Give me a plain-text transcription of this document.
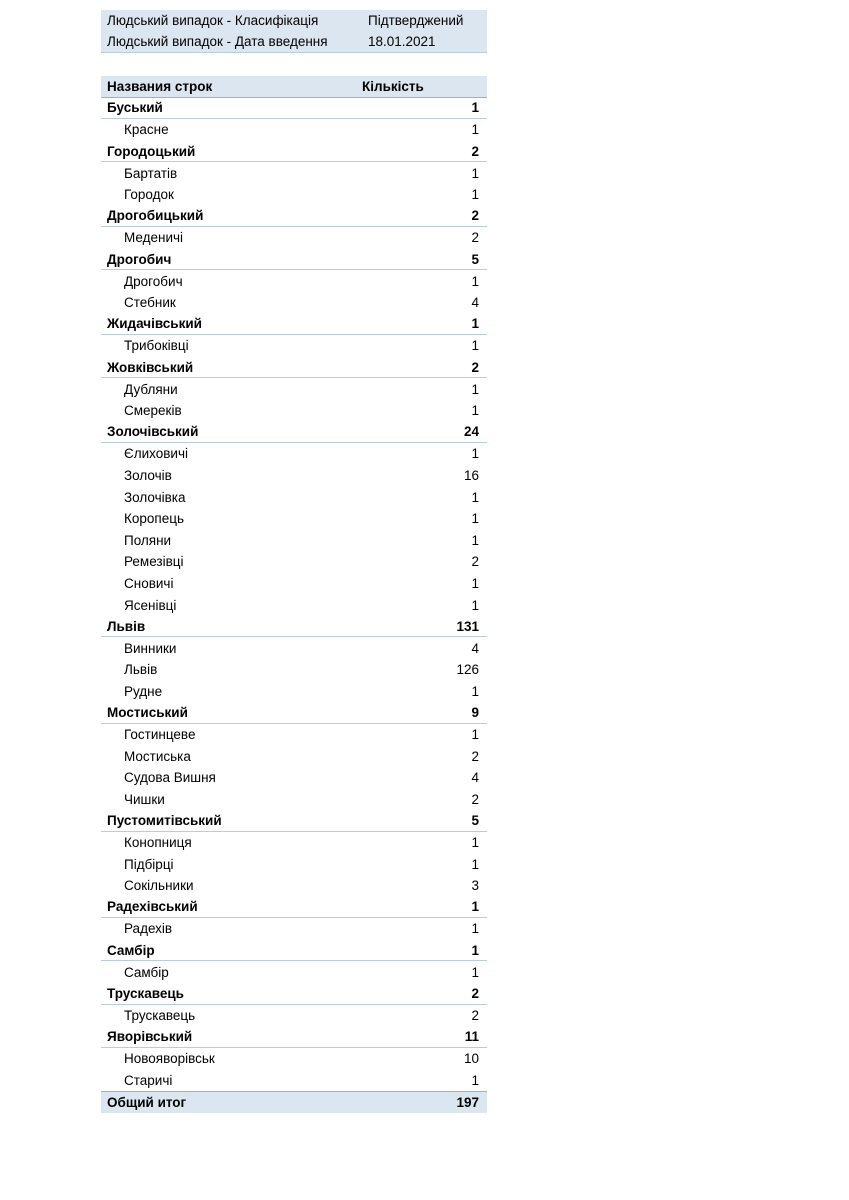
Людський випадок - Класифікація	Підтверджений
Людський випадок - Дата введення	18.01.2021
Названия строк	Кількість
Буський	1
Красне	1
Городоцький	2
Бартатів	1
Городок	1
Дрогобицький	2
Меденичі	2
Дрогобич	5
Дрогобич	1
Стебник	4
Жидачівський	1
Трибоківці	1
Жовківський	2
Дубляни	1
Смереків	1
Золочівський	24
Єлиховичі	1
Золочів	16
Золочівка	1
Коропець	1
Поляни	1
Ремезівці	2
Сновичі	1
Ясенівці	1
Львів	131
Винники	4
Львів	126
Рудне	1
Мостиський	9
Гостинцеве	1
Мостиська	2
Судова Вишня	4
Чишки	2
Пустомитівський	5
Конопниця	1
Підбірці	1
Сокільники	3
Радехівський	1
Радехів	1
Самбір	1
Самбір	1
Трускавець	2
Трускавець	2
Яворівський	11
Новояворівськ	10
Старичі	1
Общий итог	197
